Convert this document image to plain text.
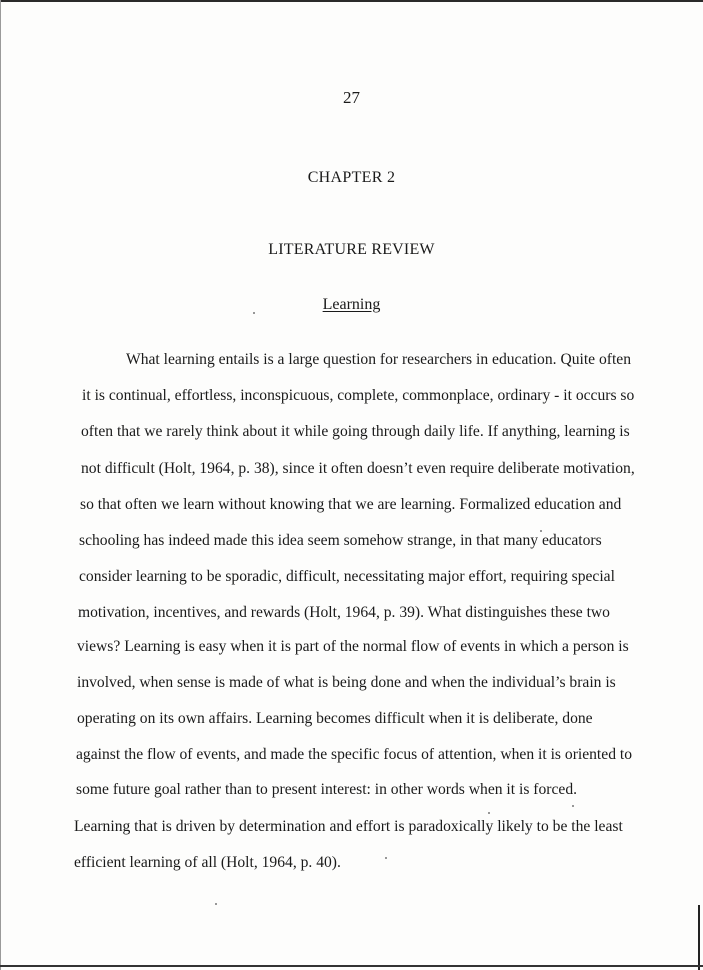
27
CHAPTER 2
LITERATURE REVIEW
Learning
What learning entails is a large question for researchers in education. Quite often
it is continual, effortless, inconspicuous, complete, commonplace, ordinary - it occurs so
often that we rarely think about it while going through daily life. If anything, learning is
not difficult (Holt, 1964, p. 38), since it often doesn’t even require deliberate motivation,
so that often we learn without knowing that we are learning. Formalized education and
schooling has indeed made this idea seem somehow strange, in that many educators
consider learning to be sporadic, difficult, necessitating major effort, requiring special
motivation, incentives, and rewards (Holt, 1964, p. 39). What distinguishes these two
views? Learning is easy when it is part of the normal flow of events in which a person is
involved, when sense is made of what is being done and when the individual’s brain is
operating on its own affairs. Learning becomes difficult when it is deliberate, done
against the flow of events, and made the specific focus of attention, when it is oriented to
some future goal rather than to present interest: in other words when it is forced.
Learning that is driven by determination and effort is paradoxically likely to be the least
efficient learning of all (Holt, 1964, p. 40).
